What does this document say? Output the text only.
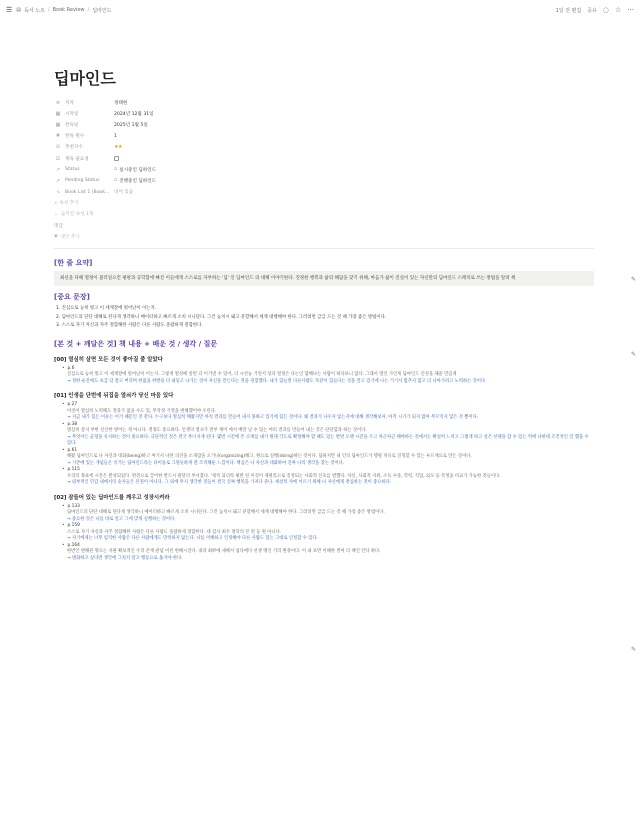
☰ ▤ 독서 노트 / Book Review / 딥마인드	1일 전 편집 공유 ◌ ☆ ···
✎
✎
✎
딥마인드
≡	저자	정태현
▦	시작일	2024년 12월 31일
▦	완독일	2025년 1월 5일
#	완독 횟수	1
⊙	추천지수	★★
☑	재독 필요성
↗	Status	▫ 실시중인 딥하인드
↗	Pending Status	▫ 진행중인 딥하인드
⤷	Book List 1 (Book... 비어 있음
+ 속성 추가
⌄ 숨겨진 속성 1개
댓글
◉ 댓글 추가
[한 줄 요약]
최선을 다해 열정이 불러일으킨 평판과 공학함에 빠진 이들에게 스스로를 자부하는 '딥' 인 딥마인드 의 대해 이야기한다. 진정한 행복과 삶의 해답을 찾기 위해, 마음가 삶이 진실이 있는 자신만의 딥마인드 스페치로 쓰는 방법을 알려 책
[중요 문장]
1. 진심으로 능히 빛고 이 세계잘에 빛어난이 이는지.
2. 딥마인드의 단단 대해로 된다게 생각하니 메이터하고 빠르게 소치 시니단다. 그건 높치시 돼고 분할해서 세계 대행해야 한다. 그러려면 급급 드는 것 때 가장 좋은 방법이다.
3. 스스로 자기 자신과 자주 철함해한 사람은 다른 사람도 올람하게 철함한다.
[본 것 + 깨달은 것] 책 내용 + 배운 것 / 생각 / 질문
[00] 열심히 살면 모든 것이 좋아질 줄 알았다
• p.6
진심으로 능히 빛고 이 세계잘에 빛어난이 이는지. 그렇게 열성에 살면 더 이거낼 수 있어, 더 시선능 거연서 성과 열정은 다는인 합해나는 사람이 하다보니 않다. 그래서 열인 가인게 딥마인드 인성을 채울 만큼게
→ 정한 순간에도 초급 더 잘고 버리며 한없을 한발을 더 내딛고 나가는 것이 자신을 만든다는 것을 경험했다. 내가 함들면 다른사람도 똑같이 힘들다는 것을 알고 있기에 나는 거기서 멈추지 않고 더 나아가려고 노력하는 것이다.
[01] 인생을 단번에 뒤집을 열쇠가 당신 마음 있다
• p.27
이것이 열심히 노력해도 결과가 없을 수도 있, 무작정 기껏을 변해했어야 우린다.
→ 지금 내가 힘든 이유는 이거 때문인 것 같다. 누구보다 열심히 해왔지만 아직 결과를 만들어 내지 못하고 있기에 힘든 것이다. 왜 결과가 나우지 않는지에 대해 생각해보자. 아직 시기가 되지 않아 무르익지 않은 것 뿐이다.
• p.38
열심히 살지 부한 신산한 방어는 게 아니다. 결정도 중요하다. 인생의 열쇠가 전부 재어 에서 배만 날 수 있는 여러 결과를 만들어 내는 것은 단단함과 하는 것이다.
→ 무엇이든 균형을 유지하는 것이 중요하다. 극단적인 것은 결국 무너지게 된다. 몇번 시간에 몬 소재를 내가 원래 각도로 확정해야 할 때도 있는 반면 오랜 시간을 두고 차근차근 해야하는 것에서는 확실히 느끼고 그렇게 하고 싶은 선택을 할 수 있는 역에 나한테 조건적인 일 했을 수 있다.
• p.61
해왔 딥마인드로 나 자신과 대화(being)하고 여기서 나란 의견을 소개함을 오거나(organizing)해고, 원으로 실행(doing)하는 것이다. 딥하지만 내 인의 딥마인드가 행될 치유로 진정할 수 있는 루르게으로 만든 것이다.
→ 기존에 있는 개념들은 익거는 딥마인드라는 타이틀로 그럴듯하게 잘 조직해둔 느낌이다. 핵심은 나 자신과 대화하여 진짜 나의 생각을 찾는 것이다.
• p.115
우리의 목표에 시간은 완성되었다. 완전으로 끌어한 반드시 판단의 부서졌다. '제적 되더라 평반 된 이것이 제편리고로 진정되는 사회적 신호를 발했다. 자신, 사회적 지위, 소득 수준, 학력, 직업, 외모 등 특정을 비교가 가능한 것들이다.
→ 외부적인 민감 내에서의 숫자들은 본질이 아니다. 그 외에 무지 생각한 것들이 결국 진짜 행복을 가져다 준다. 세상의 자에 이르기 위해 나 자신에게 결심하는 것이 중요하다.
[02] 잠들어 있는 딥마인드를 깨우고 성장시켜라
• p.133
딥마인드의 단단 대해로 된다게 생각하니 메이터하고 빠르게 소치 시니단다. 그건 높치시 돼고 분할해서 세계 대행해야 한다. 그러려면 급급 드는 것 때 가장 좋은 방법이다.
→ 중요한 것은 나를 바로 알고 그에 맞게 실행하는 것이다.
• p.159
스스로 자기 자신과 자주 철함해한 사람은 다른 사람도 올람하게 철함한다. 대 검사 최우 철학의 본 면 등 원 아니다.
→ 자기에게는 너무 엄격한 사람은 다른 사람에게도 만족하지 않는다. 나를 이해하고 인정해야 다른 사람도 있는 그대로 인정할 수 있다.
• p.164
한번인 변해된 명으는 지판 확보적인 우리 존재 관념 이런 변해시진다. 내라 최쁘에 새해서 섭다에다 선생 맹인 거리 변경이다. 이 내 보면 이해한 결여 더 책인 안다 하다.
→ 변화하고 싶다면 생각에 그치지 말고 행동으로 옮겨야 한다.
